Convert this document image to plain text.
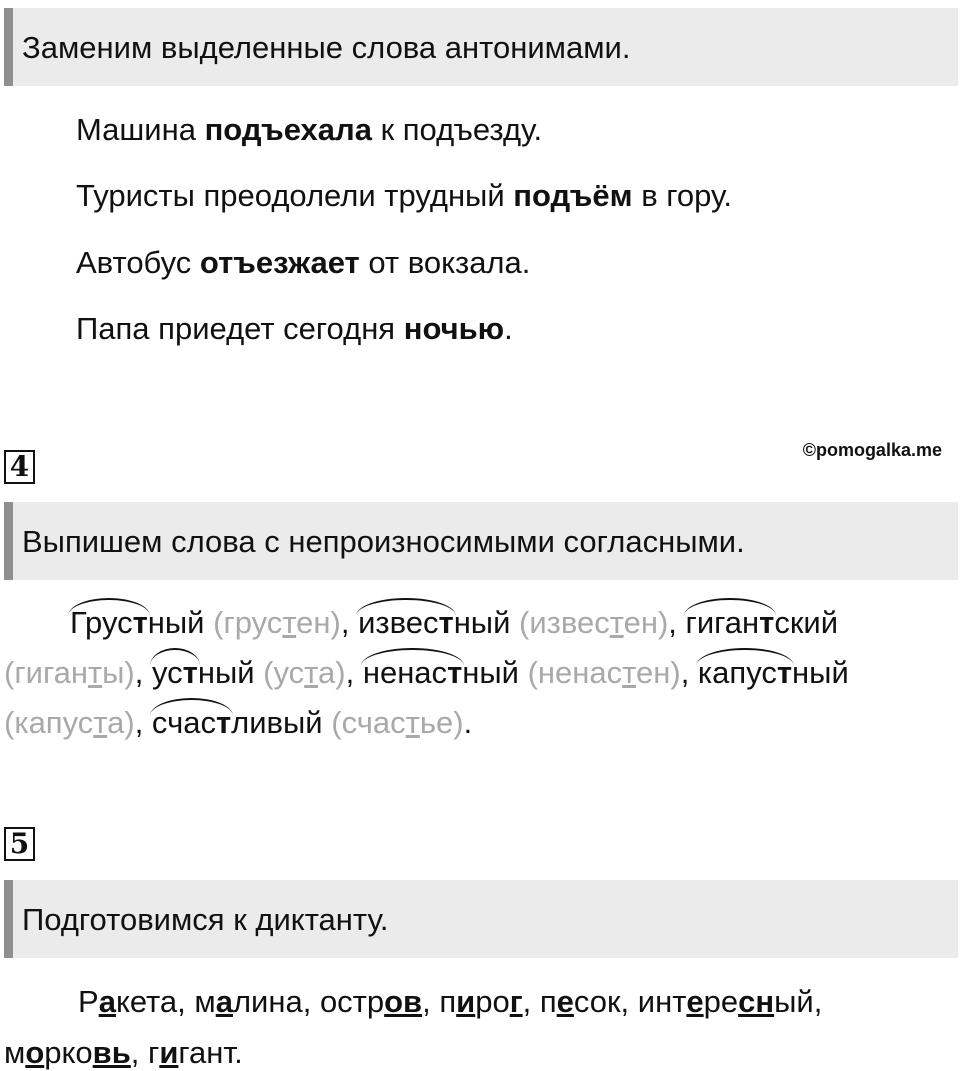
Заменим выделенные слова антонимами.
Машина подъехала к подъезду.
Туристы преодолели трудный подъём в гору.
Автобус отъезжает от вокзала.
Папа приедет сегодня ночью.
4	©pomogalka.me
Выпишем слова с непроизносимыми согласными.
Грустный (грустен), известный (известен), гигантский
(гиганты), устный (уста), ненастный (ненастен), капустный
(капуста), счастливый (счастье).
5
Подготовимся к диктанту.
Ракета, малина, остров, пирог, песок, интересный,
морковь, гигант.
